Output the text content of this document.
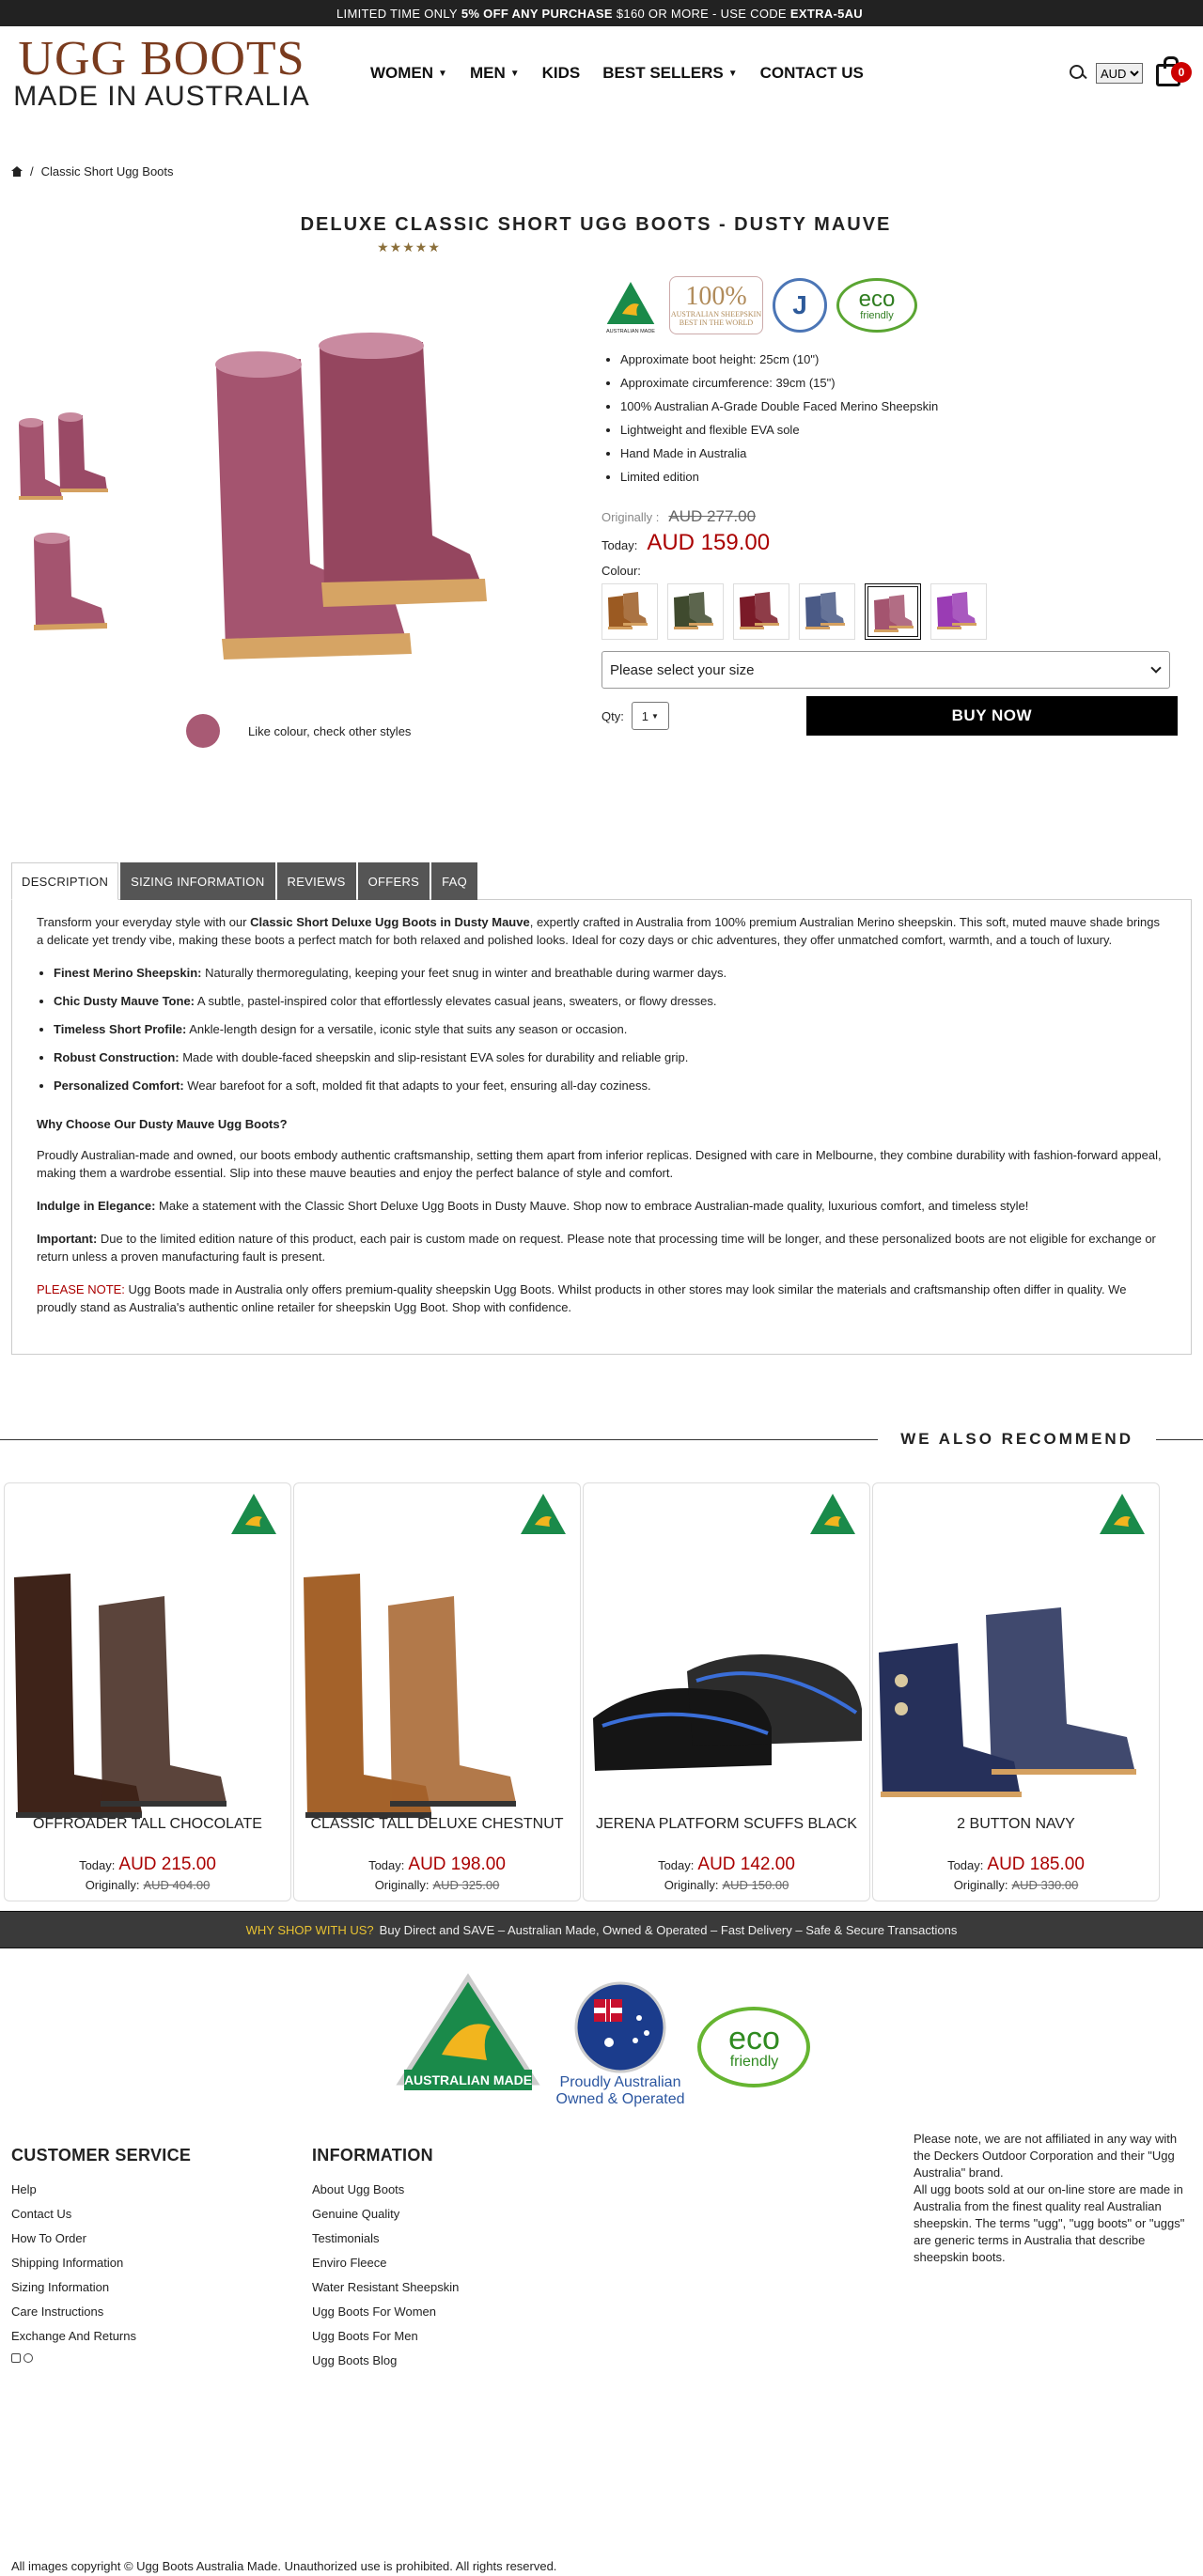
LIMITED TIME ONLY 5% OFF ANY PURCHASE $160 OR MORE - USE CODE EXTRA-5AU
UGG BOOTS
MADE IN AUSTRALIA
WOMEN ▼ MEN ▼ KIDS BEST SELLERS ▼ CONTACT US
AUD	0
/ Classic Short Ugg Boots
DELUXE CLASSIC SHORT UGG BOOTS - DUSTY MAUVE
★★★★★
Like colour, check other styles
AUSTRALIAN MADE
100%
AUSTRALIAN SHEEPSKIN
BEST IN THE WORLD
J eco
friendly
• Approximate boot height: 25cm (10")
• Approximate circumference: 39cm (15")
• 100% Australian A-Grade Double Faced Merino Sheepskin
• Lightweight and flexible EVA sole
• Hand Made in Australia
• Limited edition
Originally : AUD 277.00
Today: AUD 159.00
Colour:
Please select your size
Qty: 1 ▼	BUY NOW
DESCRIPTION	SIZING INFORMATION	REVIEWS	OFFERS	FAQ

Transform your everyday style with our Classic Short Deluxe Ugg Boots in Dusty Mauve, expertly crafted in Australia from 100% premium Australian Merino sheepskin. This soft, muted mauve shade brings a delicate yet trendy vibe, making these boots a perfect match for both relaxed and polished looks. Ideal for cozy days or chic adventures, they offer unmatched comfort, warmth, and a touch of luxury.

• Finest Merino Sheepskin: Naturally thermoregulating, keeping your feet snug in winter and breathable during warmer days.
• Chic Dusty Mauve Tone: A subtle, pastel-inspired color that effortlessly elevates casual jeans, sweaters, or flowy dresses.
• Timeless Short Profile: Ankle-length design for a versatile, iconic style that suits any season or occasion.
• Robust Construction: Made with double-faced sheepskin and slip-resistant EVA soles for durability and reliable grip.
• Personalized Comfort: Wear barefoot for a soft, molded fit that adapts to your feet, ensuring all-day coziness.
Why Choose Our Dusty Mauve Ugg Boots?

Proudly Australian-made and owned, our boots embody authentic craftsmanship, setting them apart from inferior replicas. Designed with care in Melbourne, they combine durability with fashion-forward appeal, making them a wardrobe essential. Slip into these mauve beauties and enjoy the perfect balance of style and comfort.

Indulge in Elegance: Make a statement with the Classic Short Deluxe Ugg Boots in Dusty Mauve. Shop now to embrace Australian-made quality, luxurious comfort, and timeless style!

Important: Due to the limited edition nature of this product, each pair is custom made on request. Please note that processing time will be longer, and these personalized boots are not eligible for exchange or return unless a proven manufacturing fault is present.

PLEASE NOTE: Ugg Boots made in Australia only offers premium-quality sheepskin Ugg Boots. Whilst products in other stores may look similar the materials and craftsmanship often differ in quality. We proudly stand as Australia's authentic online retailer for sheepskin Ugg Boot. Shop with confidence.

WE ALSO RECOMMEND
OFFROADER TALL CHOCOLATE
Today: AUD 215.00
Originally: AUD 404.00
CLASSIC TALL DELUXE CHESTNUT
Today: AUD 198.00
Originally: AUD 325.00
JERENA PLATFORM SCUFFS BLACK
Today: AUD 142.00
Originally: AUD 150.00
2 BUTTON NAVY
Today: AUD 185.00
Originally: AUD 330.00
WHY SHOP WITH US? Buy Direct and SAVE – Australian Made, Owned & Operated – Fast Delivery – Safe & Secure Transactions
AUSTRALIAN MADE Proudly Australian
Owned & Operated
eco
friendly
CUSTOMER SERVICE
Help
Contact Us
How To Order
Shipping Information
Sizing Information
Care Instructions
Exchange And Returns
INFORMATION
About Ugg Boots
Genuine Quality
Testimonials
Enviro Fleece
Water Resistant Sheepskin
Ugg Boots For Women
Ugg Boots For Men
Ugg Boots Blog
Please note, we are not affiliated in any way with the Deckers Outdoor Corporation and their "Ugg Australia" brand.
All ugg boots sold at our on-line store are made in Australia from the finest quality real Australian sheepskin. The terms "ugg", "ugg boots" or "uggs" are generic terms in Australia that describe sheepskin boots.
All images copyright © Ugg Boots Australia Made. Unauthorized use is prohibited. All rights reserved.
